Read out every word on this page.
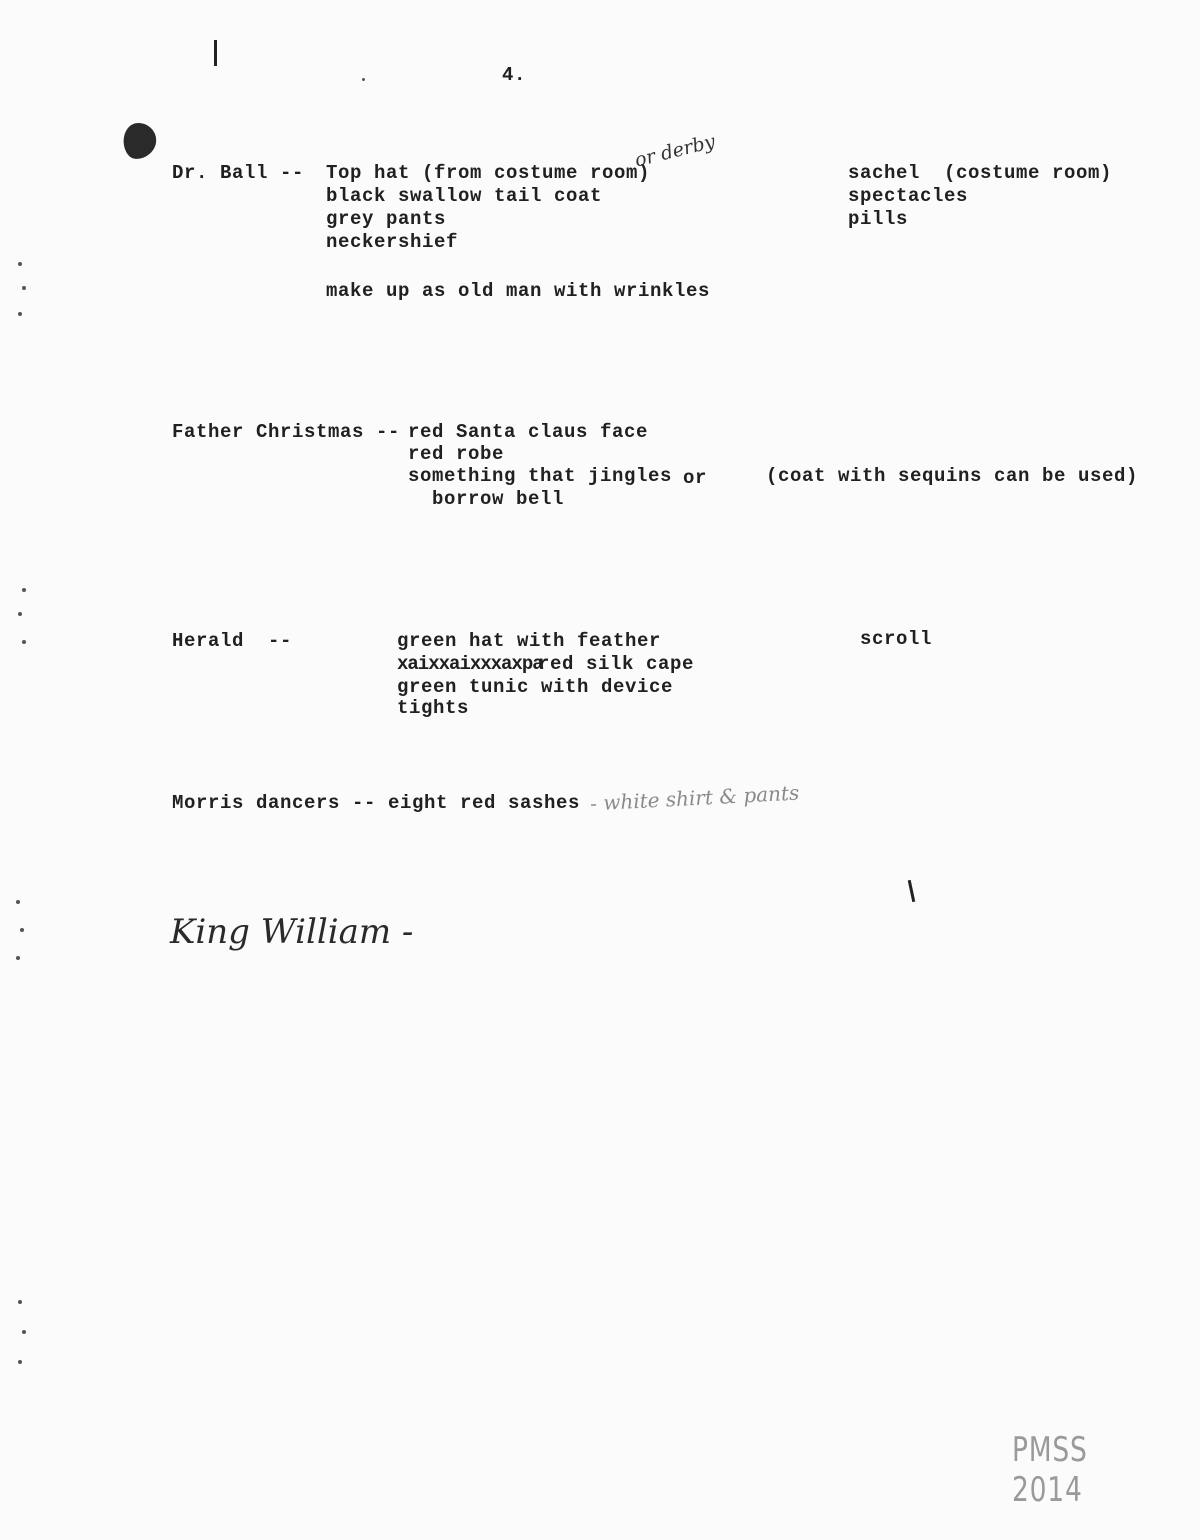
4.
Dr. Ball -- Top hat (from costume room)
black swallow tail coat
grey pants
neckershief
make up as old man with wrinkles
or derby
sachel  (costume room)
spectacles
pills
Father Christmas -- red Santa claus face
red robe
something that jingles or
borrow bell
(coat with sequins can be used)
Herald  --	green hat with feather
xaixxaixxxaxpa
red silk cape
green tunic with device
tights
scroll
Morris dancers -- eight red sashes - white shirt & pants
King William -
PMSS 2014
